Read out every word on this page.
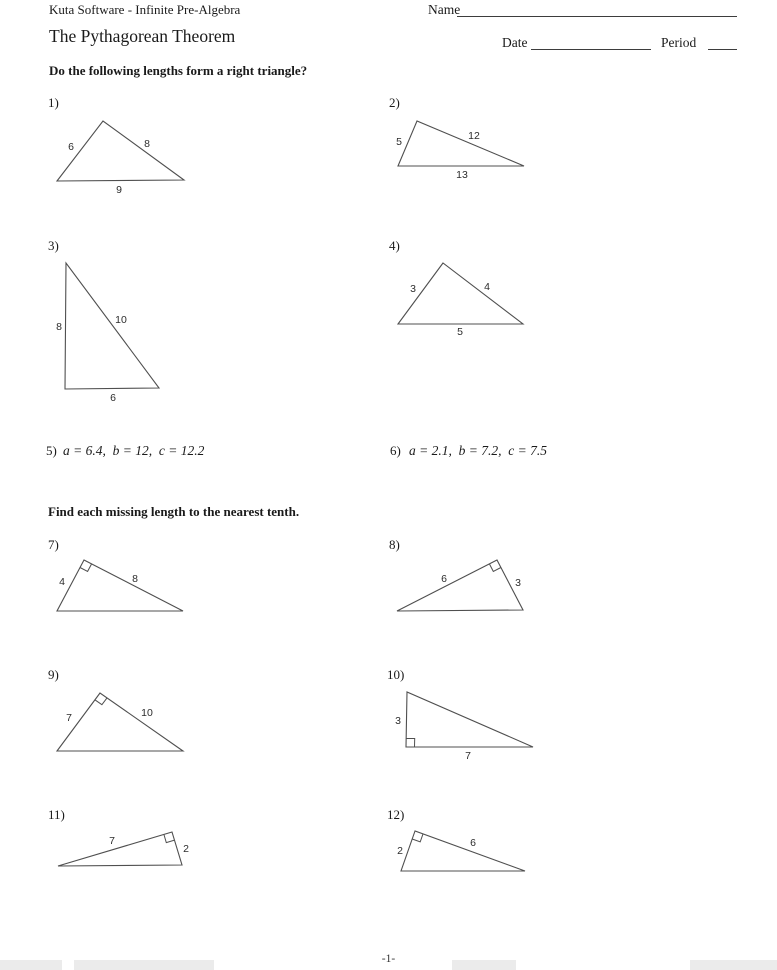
Kuta Software - Infinite Pre-Algebra	Name
The Pythagorean Theorem	Date	Period
Do the following lengths form a right triangle?
Find each missing length to the nearest tenth.
6	8
9
5	12
13
8
10
6
3	4
5
4	8	6	3
7	10
3
7
7
2	2
6
1)	2)
3)	4)
5) a = 6.4,  b = 12,  c = 12.2	6) a = 2.1,  b = 7.2,  c = 7.5
7)	8)
9)	10)
11)	12)
-1-
